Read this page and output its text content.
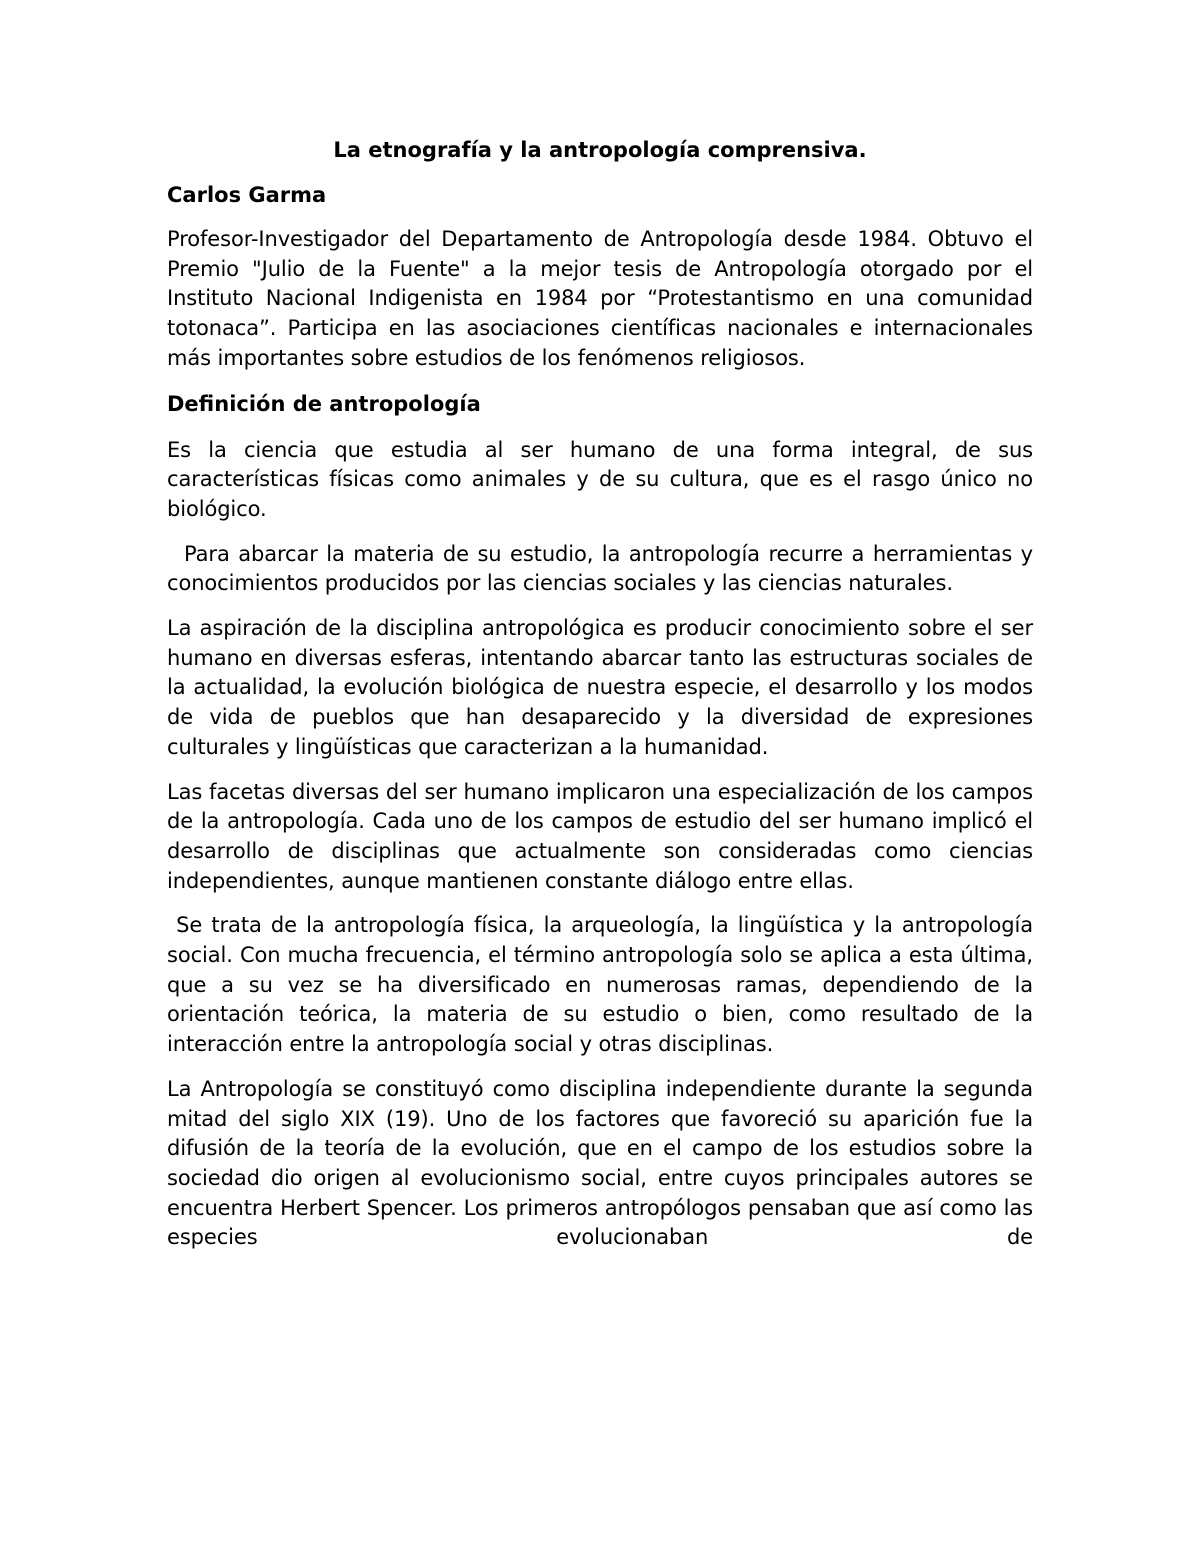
La etnografía y la antropología comprensiva.
Carlos Garma

Profesor-Investigador del Departamento de Antropología desde 1984. Obtuvo el Premio "Julio de la Fuente" a la mejor tesis de Antropología otorgado por el Instituto Nacional Indigenista en 1984 por “Protestantismo en una comunidad totonaca”. Participa en las asociaciones científicas nacionales e internacionales más importantes sobre estudios de los fenómenos religiosos.

Definición de antropología

Es la ciencia que estudia al ser humano de una forma integral, de sus características físicas como animales y de su cultura, que es el rasgo único no biológico.

Para abarcar la materia de su estudio, la antropología recurre a herramientas y conocimientos producidos por las ciencias sociales y las ciencias naturales.

La aspiración de la disciplina antropológica es producir conocimiento sobre el ser humano en diversas esferas, intentando abarcar tanto las estructuras sociales de la actualidad, la evolución biológica de nuestra especie, el desarrollo y los modos de vida de pueblos que han desaparecido y la diversidad de expresiones culturales y lingüísticas que caracterizan a la humanidad.

Las facetas diversas del ser humano implicaron una especialización de los campos de la antropología. Cada uno de los campos de estudio del ser humano implicó el desarrollo de disciplinas que actualmente son consideradas como ciencias independientes, aunque mantienen constante diálogo entre ellas.

Se trata de la antropología física, la arqueología, la lingüística y la antropología social. Con mucha frecuencia, el término antropología solo se aplica a esta última, que a su vez se ha diversificado en numerosas ramas, dependiendo de la orientación teórica, la materia de su estudio o bien, como resultado de la interacción entre la antropología social y otras disciplinas.

La Antropología se constituyó como disciplina independiente durante la segunda mitad del siglo XIX (19). Uno de los factores que favoreció su aparición fue la difusión de la teoría de la evolución, que en el campo de los estudios sobre la sociedad dio origen al evolucionismo social, entre cuyos principales autores se encuentra Herbert Spencer. Los primeros antropólogos pensaban que así como las especies evolucionaban de
